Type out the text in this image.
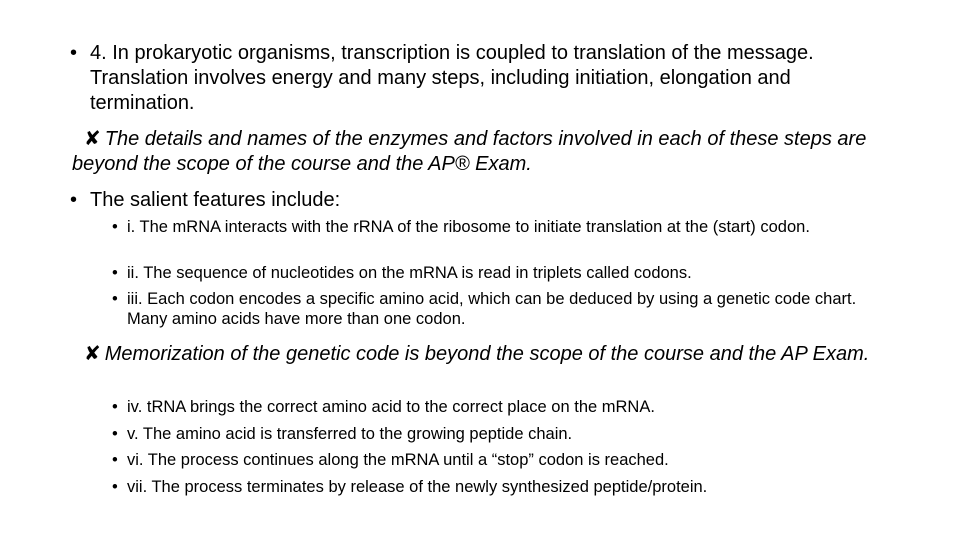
• 4. In prokaryotic organisms, transcription is coupled to translation of the message. Translation involves energy and many steps, including initiation, elongation and termination.
✘ The details and names of the enzymes and factors involved in each of these steps are beyond the scope of the course and the AP® Exam.
• The salient features include:
• i. The mRNA interacts with the rRNA of the ribosome to initiate translation at the (start) codon.
• ii. The sequence of nucleotides on the mRNA is read in triplets called codons.
• iii. Each codon encodes a specific amino acid, which can be deduced by using a genetic code chart. Many amino acids have more than one codon.
✘ Memorization of the genetic code is beyond the scope of the course and the AP Exam.
• iv. tRNA brings the correct amino acid to the correct place on the mRNA.
• v. The amino acid is transferred to the growing peptide chain.
• vi. The process continues along the mRNA until a “stop” codon is reached.
• vii. The process terminates by release of the newly synthesized peptide/protein.
